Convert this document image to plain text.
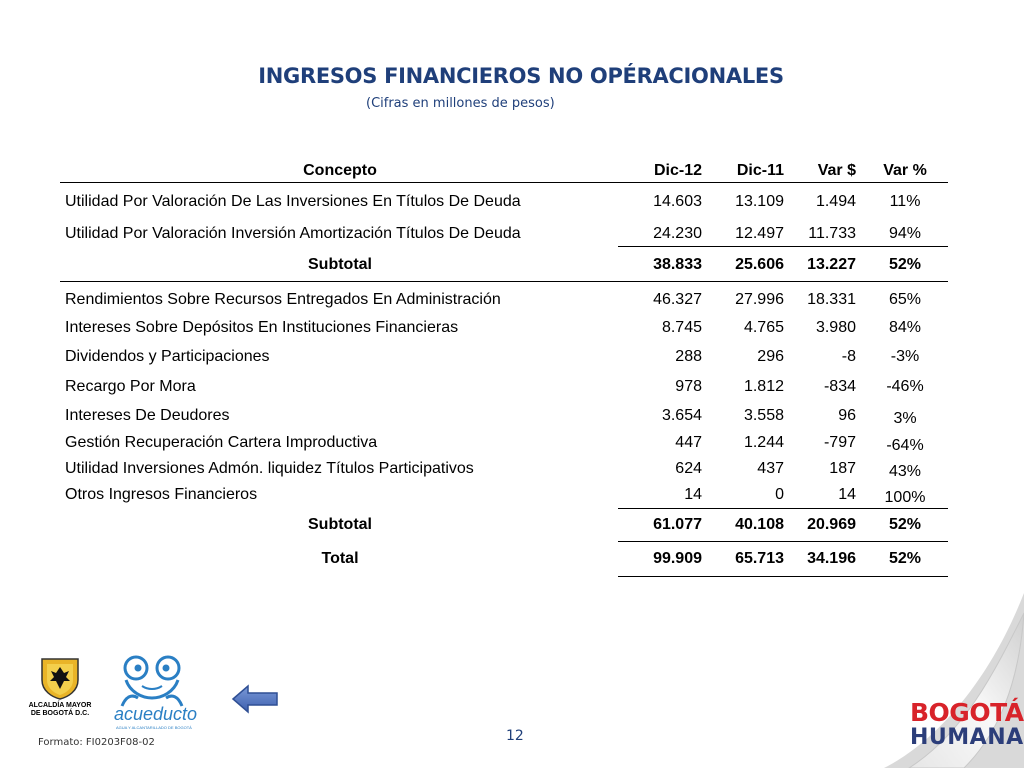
INGRESOS FINANCIEROS NO OPÉRACIONALES
(Cifras en millones de pesos)
Concepto	Dic-12	Dic-11	Var $	Var %
Utilidad Por Valoración De Las Inversiones En Títulos De Deuda	14.603	13.109	1.494	11%
Utilidad Por Valoración Inversión Amortización Títulos De Deuda	24.230	12.497	11.733	94%
Subtotal	38.833	25.606	13.227	52%
Rendimientos Sobre Recursos Entregados En Administración	46.327	27.996	18.331	65%
Intereses Sobre Depósitos En Instituciones Financieras	8.745	4.765	3.980	84%
Dividendos y Participaciones	288	296	-8	-3%
Recargo Por Mora	978	1.812	-834	-46%
Intereses De Deudores	3.654	3.558	96	3%
Gestión Recuperación Cartera Improductiva	447	1.244	-797	-64%
Utilidad Inversiones Admón. liquidez Títulos Participativos	624	437	187	43%
Otros Ingresos Financieros	14	0	14	100%
Subtotal	61.077	40.108	20.969	52%
Total	99.909	65.713	34.196	52%
ALCALDÍA MAYOR
DE BOGOTÁ D.C.	acueducto
AGUA Y ALCANTARILLADO DE BOGOTÁ
12
Formato: FI0203F08-02
BOGOTÁ
HUMANA
